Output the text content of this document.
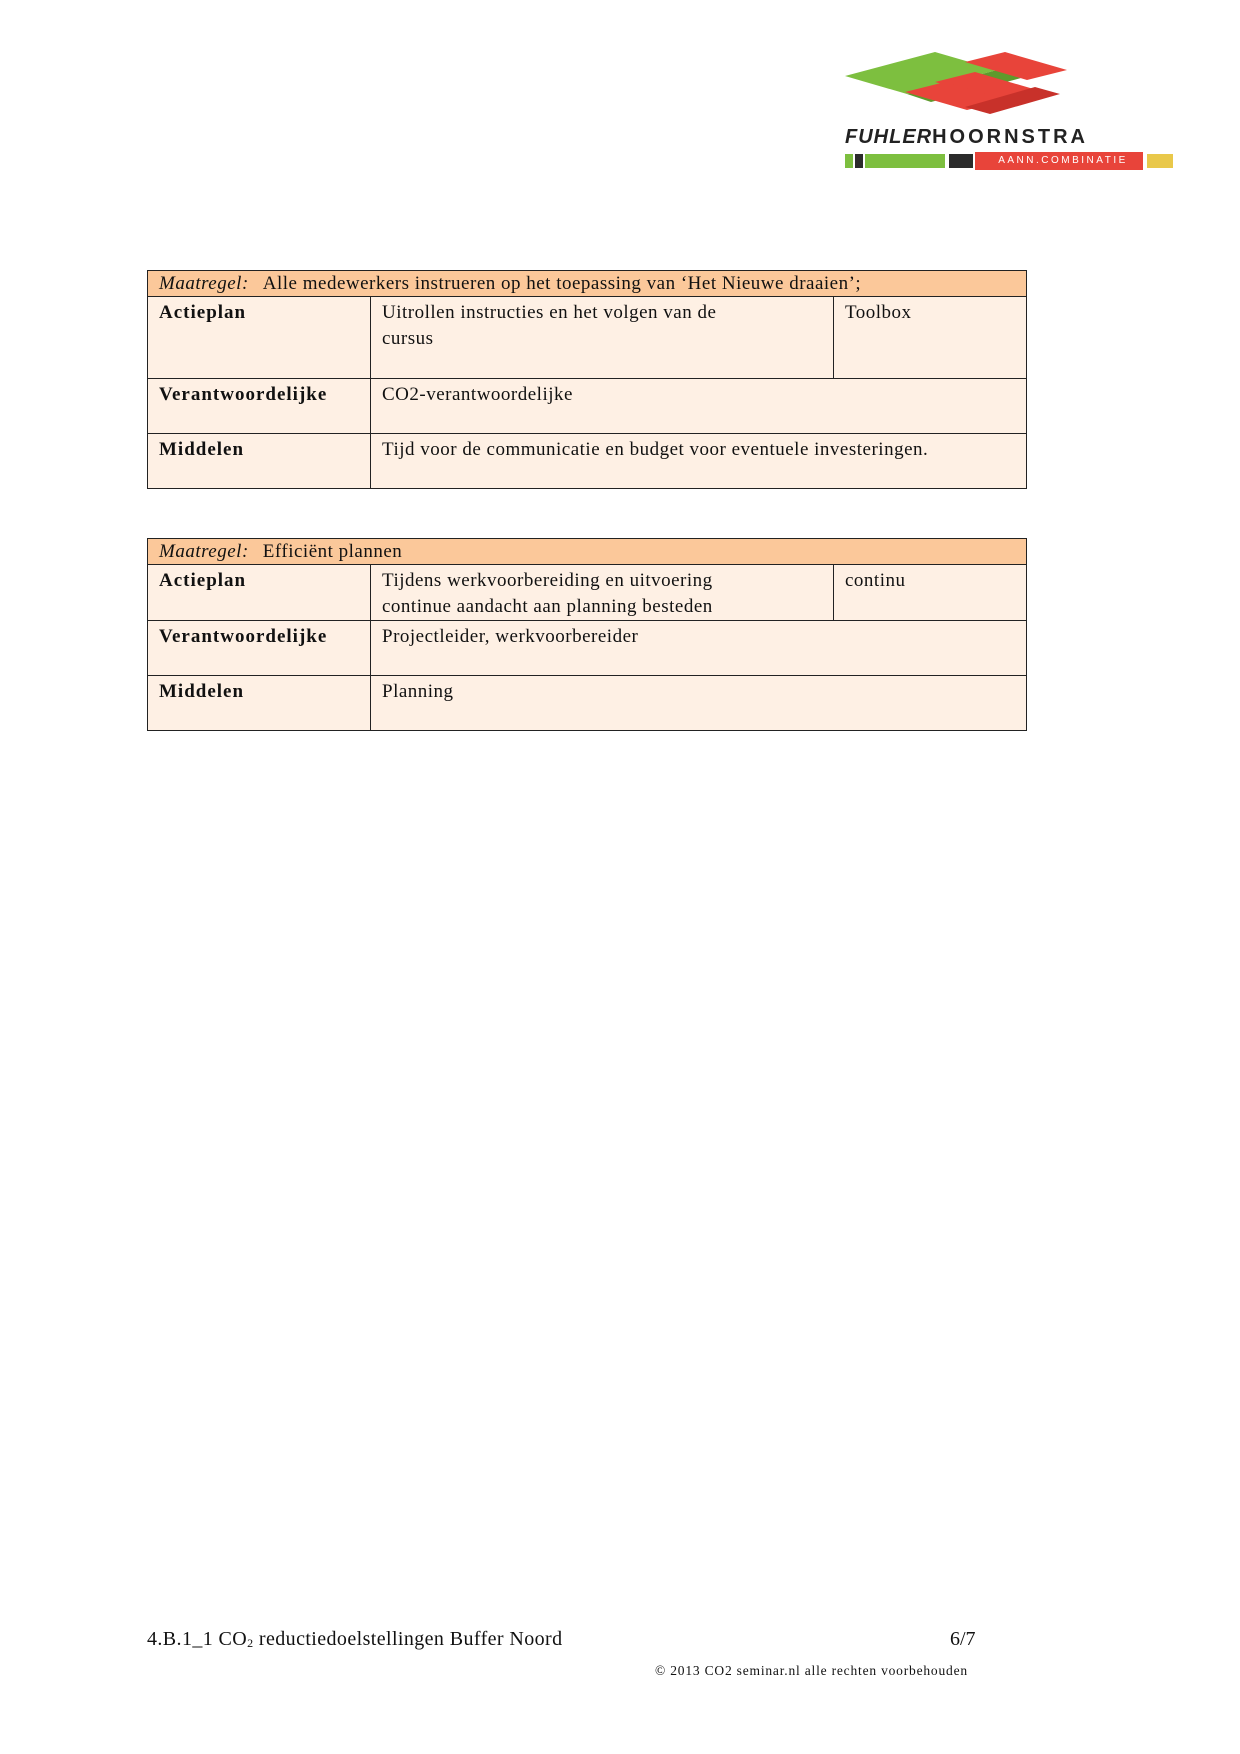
FUHLERHOORNSTRA
AANN.COMBINATIE
Maatregel: Alle medewerkers instrueren op het toepassing van ‘Het Nieuwe draaien’;		
Actieplan	Uitrollen instructies en het volgen van de cursus	Toolbox
Verantwoordelijke	CO2-verantwoordelijke	
Middelen	Tijd voor de communicatie en budget voor eventuele investeringen.	
Maatregel: Efficiënt plannen		
Actieplan	Tijdens werkvoorbereiding en uitvoering continue aandacht aan planning besteden	continu
Verantwoordelijke	Projectleider, werkvoorbereider	
Middelen	Planning	
4.B.1_1 $CO_2$ reductiedoelstellingen Buffer Noord	6/7
© 2013 CO2 seminar.nl alle rechten voorbehouden
